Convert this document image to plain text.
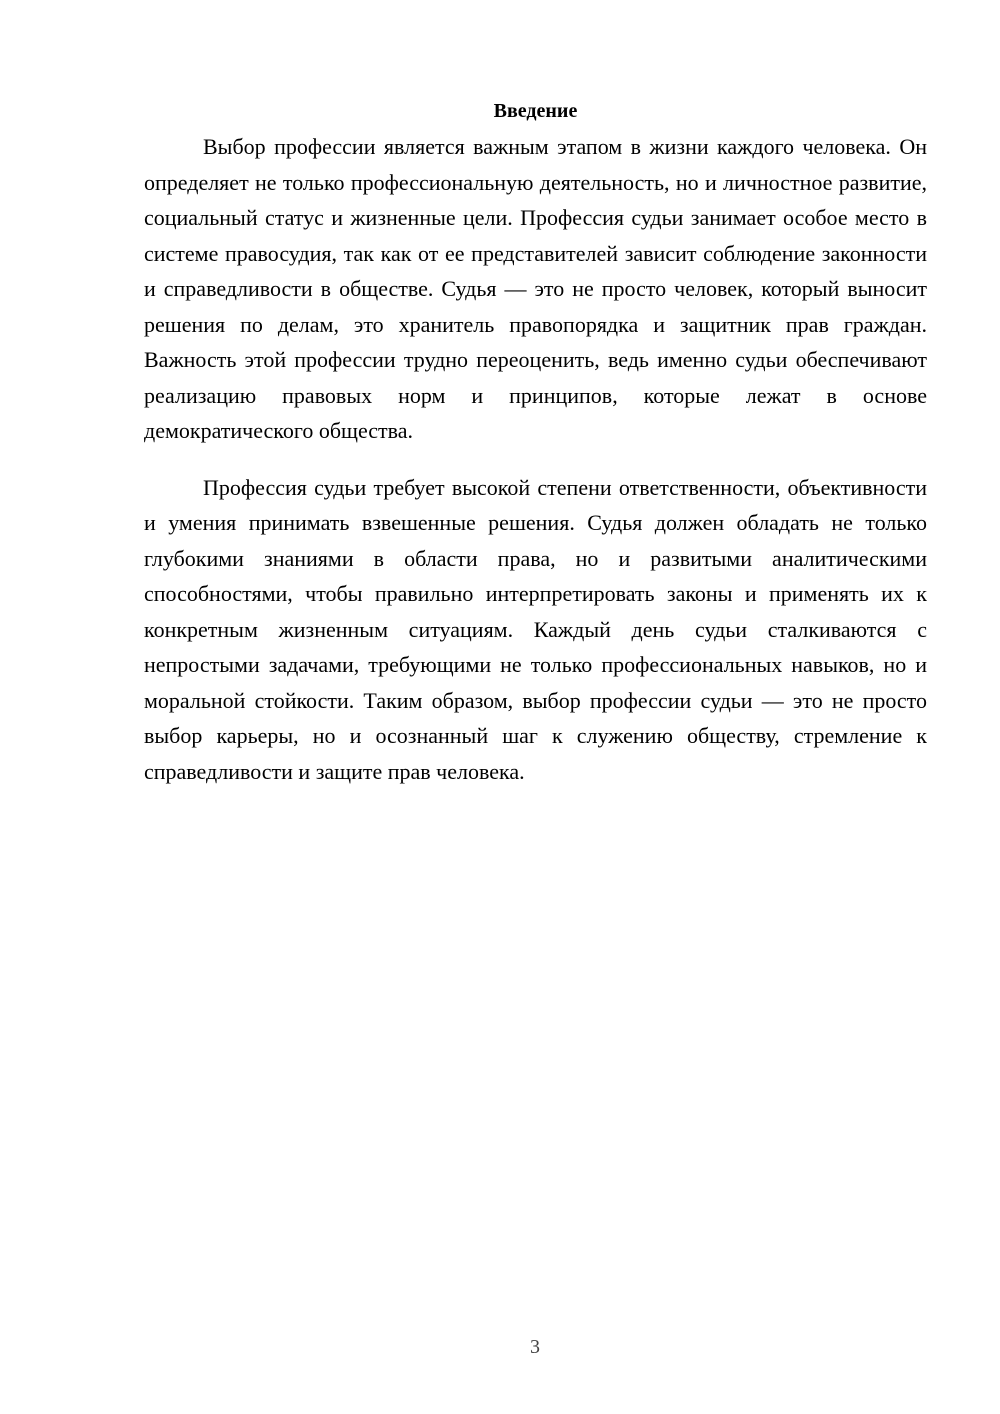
Введение

Выбор профессии является важным этапом в жизни каждого человека. Он определяет не только профессиональную деятельность, но и личностное развитие, социальный статус и жизненные цели. Профессия судьи занимает особое место в системе правосудия, так как от ее представителей зависит соблюдение законности и справедливости в обществе. Судья — это не просто человек, который выносит решения по делам, это хранитель правопорядка и защитник прав граждан. Важность этой профессии трудно переоценить, ведь именно судьи обеспечивают реализацию правовых норм и принципов, которые лежат в основе демократического общества.

Профессия судьи требует высокой степени ответственности, объективности и умения принимать взвешенные решения. Судья должен обладать не только глубокими знаниями в области права, но и развитыми аналитическими способностями, чтобы правильно интерпретировать законы и применять их к конкретным жизненным ситуациям. Каждый день судьи сталкиваются с непростыми задачами, требующими не только профессиональных навыков, но и моральной стойкости. Таким образом, выбор профессии судьи — это не просто выбор карьеры, но и осознанный шаг к служению обществу, стремление к справедливости и защите прав человека.

3
